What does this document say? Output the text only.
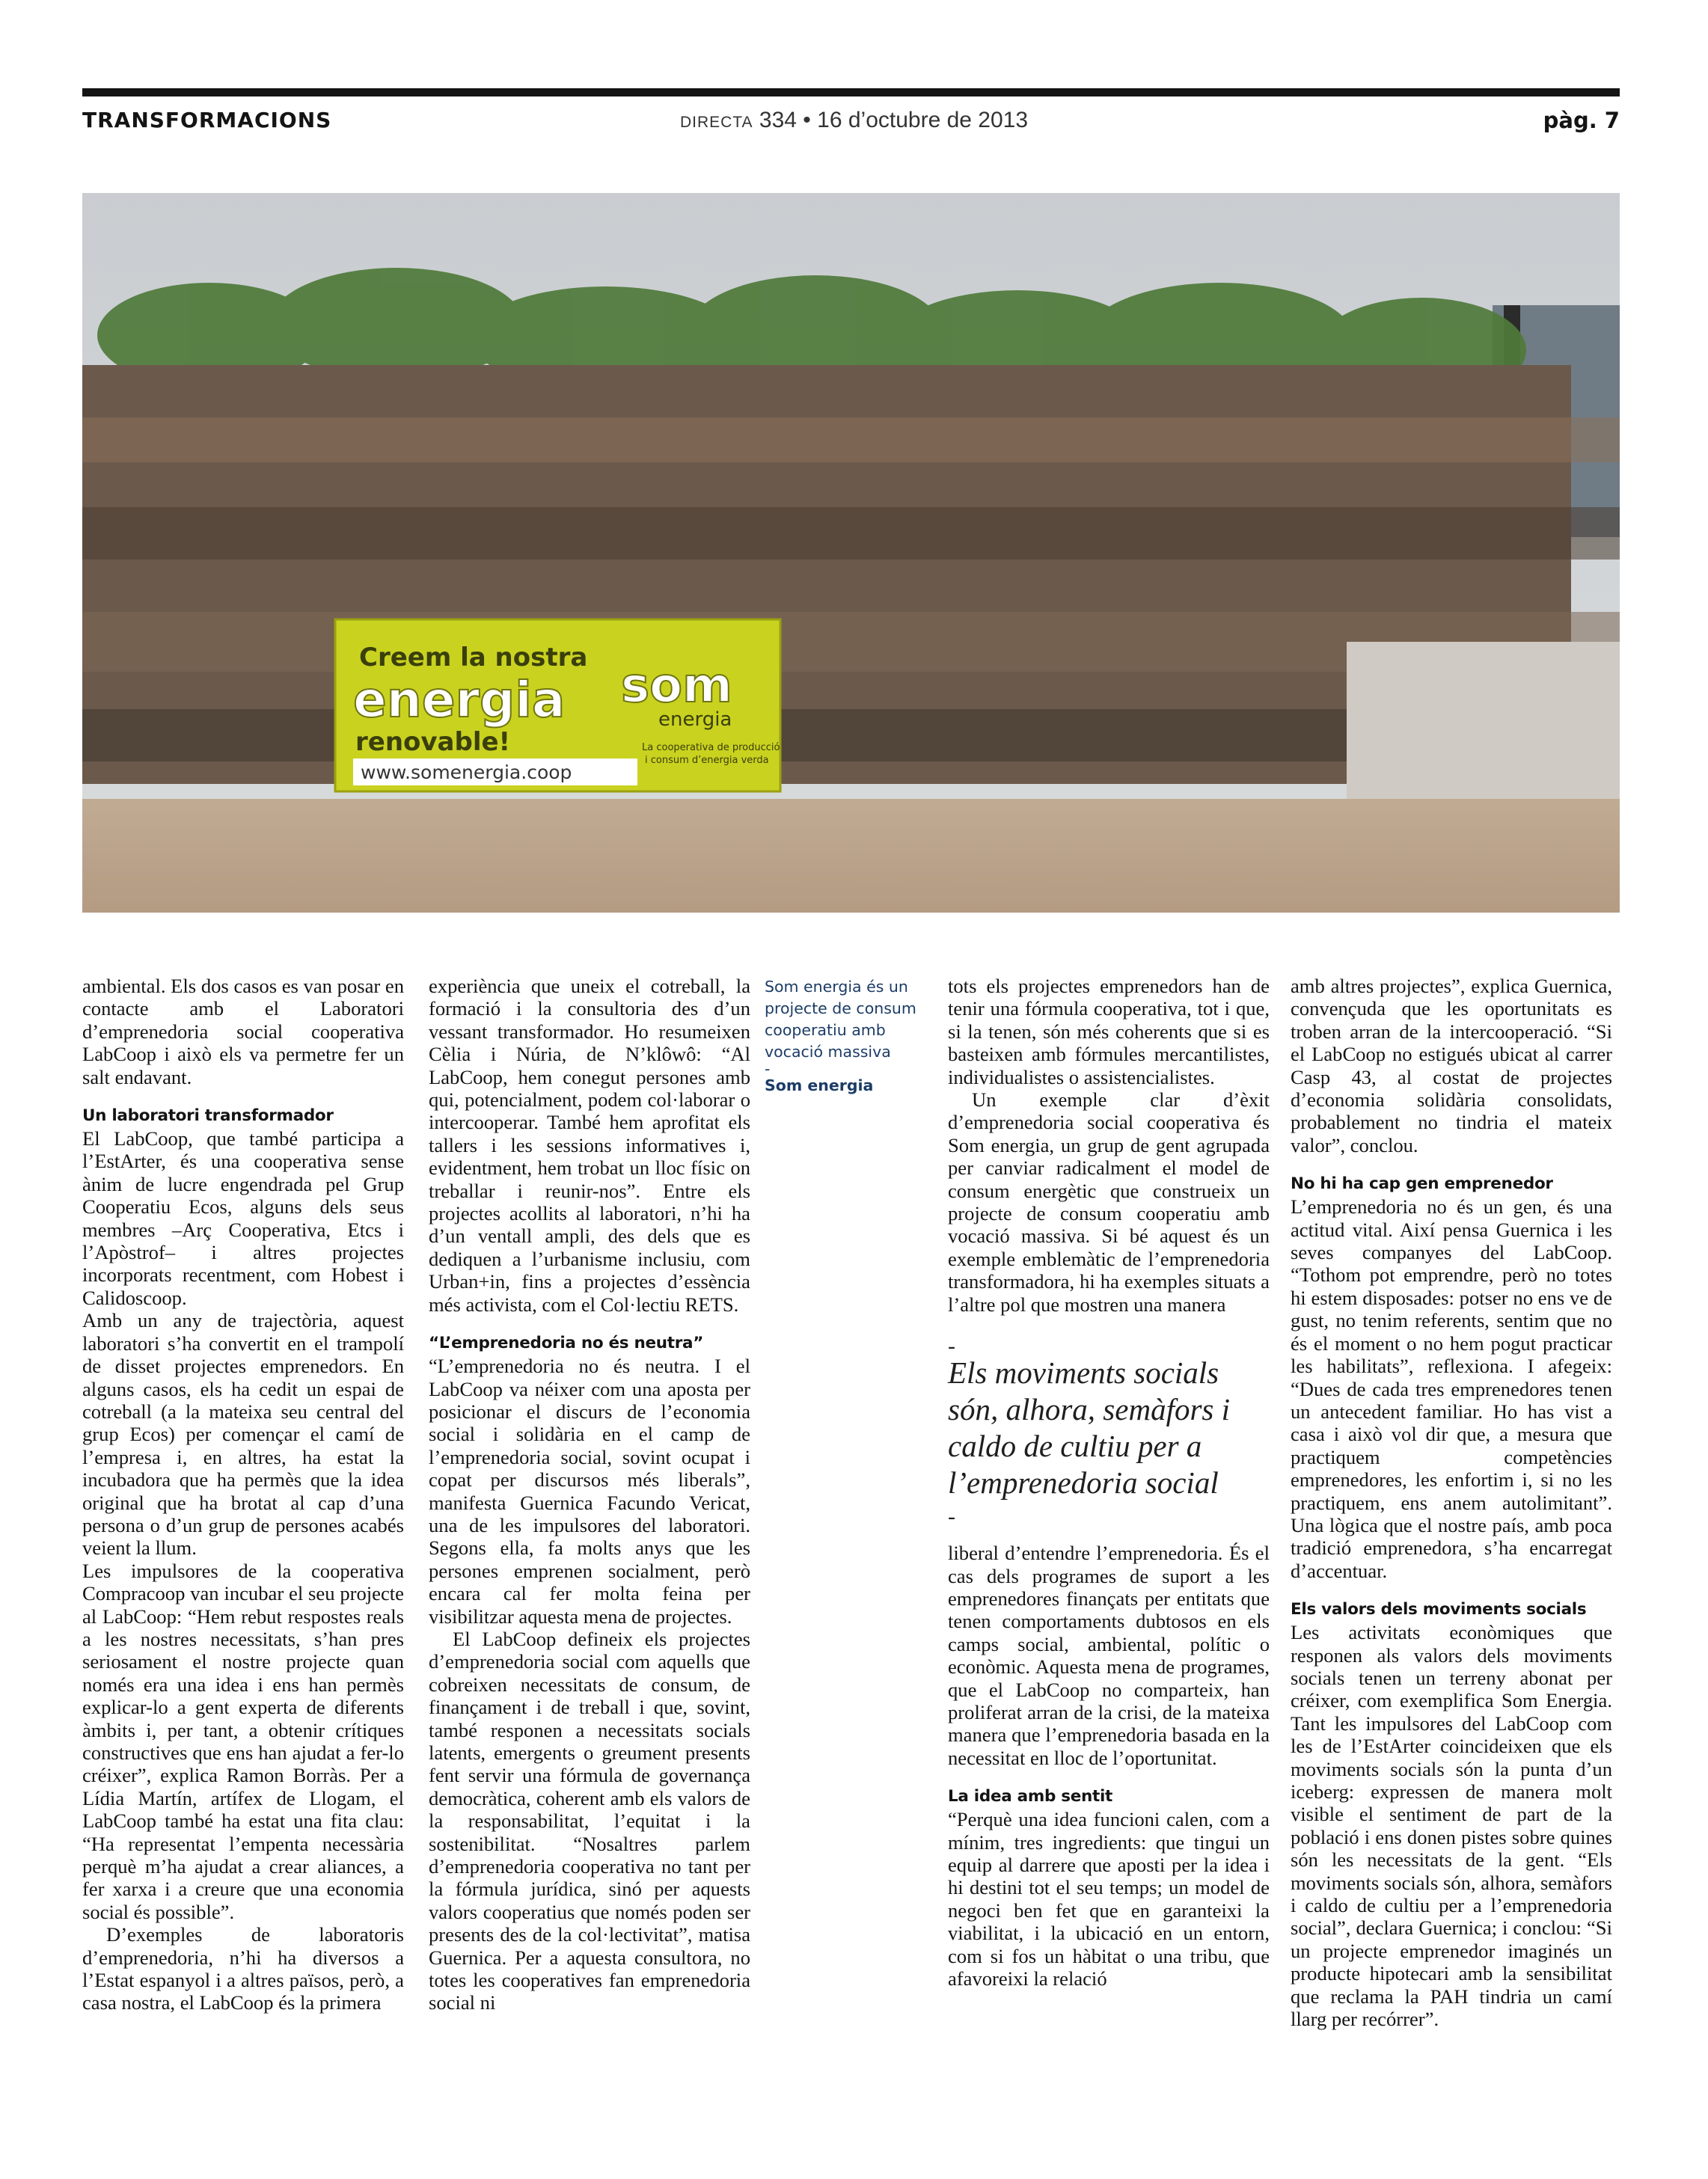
TRANSFORMACIONS	DIRECTA 334 • 16 d’octubre de 2013	pàg. 7
Creem la nostra
energia
renovable!
www.somenergia.coop
som
energia
La cooperativa de producció
i consum d’energia verda

ambiental. Els dos casos es van posar en contacte amb el Laboratori d’emprenedoria social cooperativa LabCoop i això els va permetre fer un salt endavant.

Un laboratori transformador

El LabCoop, que també participa a l’EstArter, és una cooperativa sense ànim de lucre engendrada pel Grup Cooperatiu Ecos, alguns dels seus membres –Arç Cooperativa, Etcs i l’Apòstrof– i altres projectes incorporats recentment, com Hobest i Calidoscoop.

Amb un any de trajectòria, aquest laboratori s’ha convertit en el trampolí de disset projectes emprenedors. En alguns casos, els ha cedit un espai de cotreball (a la mateixa seu central del grup Ecos) per començar el camí de l’empresa i, en altres, ha estat la incubadora que ha permès que la idea original que ha brotat al cap d’una persona o d’un grup de persones acabés veient la llum.

Les impulsores de la cooperativa Compracoop van incubar el seu projecte al LabCoop: “Hem rebut respostes reals a les nostres necessitats, s’han pres seriosament el nostre projecte quan només era una idea i ens han permès explicar-lo a gent experta de diferents àmbits i, per tant, a obtenir crítiques constructives que ens han ajudat a fer-lo créixer”, explica Ramon Borràs. Per a Lídia Martín, artífex de Llogam, el LabCoop també ha estat una fita clau: “Ha representat l’empenta necessària perquè m’ha ajudat a crear aliances, a fer xarxa i a creure que una economia social és possible”.

D’exemples de laboratoris d’emprenedoria, n’hi ha diversos a l’Estat espanyol i a altres països, però, a casa nostra, el LabCoop és la primera

experiència que uneix el cotreball, la formació i la consultoria des d’un vessant transformador. Ho resumeixen Cèlia i Núria, de N’klôwô: “Al LabCoop, hem conegut persones amb qui, potencialment, podem col·laborar o intercooperar. També hem aprofitat els tallers i les sessions informatives i, evidentment, hem trobat un lloc físic on treballar i reunir-nos”. Entre els projectes acollits al laboratori, n’hi ha d’un ventall ampli, des dels que es dediquen a l’urbanisme inclusiu, com Urban+in, fins a projectes d’essència més activista, com el Col·lectiu RETS.

“L’emprenedoria no és neutra”

“L’emprenedoria no és neutra. I el LabCoop va néixer com una aposta per posicionar el discurs de l’economia social i solidària en el camp de l’emprenedoria social, sovint ocupat i copat per discursos més liberals”, manifesta Guernica Facundo Vericat, una de les impulsores del laboratori. Segons ella, fa molts anys que les persones emprenen socialment, però encara cal fer molta feina per visibilitzar aquesta mena de projectes.

El LabCoop defineix els projectes d’emprenedoria social com aquells que cobreixen necessitats de consum, de finançament i de treball i que, sovint, també responen a necessitats socials latents, emergents o greument presents fent servir una fórmula de governança democràtica, coherent amb els valors de la responsabilitat, l’equitat i la sostenibilitat. “Nosaltres parlem d’emprenedoria cooperativa no tant per la fórmula jurídica, sinó per aquests valors cooperatius que només poden ser presents des de la col·lectivitat”, matisa Guernica. Per a aquesta consultora, no totes les cooperatives fan emprenedoria social ni

Som energia és un projecte de consum cooperatiu amb vocació massiva
-
Som energia

tots els projectes emprenedors han de tenir una fórmula cooperativa, tot i que, si la tenen, són més coherents que si es basteixen amb fórmules mercantilistes, individualistes o assistencialistes.

Un exemple clar d’èxit d’emprenedoria social cooperativa és Som energia, un grup de gent agrupada per canviar radicalment el model de consum energètic que construeix un projecte de consum cooperatiu amb vocació massiva. Si bé aquest és un exemple emblemàtic de l’emprenedoria transformadora, hi ha exemples situats a l’altre pol que mostren una manera

-
Els moviments socials són, alhora, semàfors i caldo de cultiu per a l’emprenedoria social
-

liberal d’entendre l’emprenedoria. És el cas dels programes de suport a les emprenedores finançats per entitats que tenen comportaments dubtosos en els camps social, ambiental, polític o econòmic. Aquesta mena de programes, que el LabCoop no comparteix, han proliferat arran de la crisi, de la mateixa manera que l’emprenedoria basada en la necessitat en lloc de l’oportunitat.

La idea amb sentit

“Perquè una idea funcioni calen, com a mínim, tres ingredients: que tingui un equip al darrere que aposti per la idea i hi destini tot el seu temps; un model de negoci ben fet que en garanteixi la viabilitat, i la ubicació en un entorn, com si fos un hàbitat o una tribu, que afavoreixi la relació

amb altres projectes”, explica Guernica, convençuda que les oportunitats es troben arran de la intercooperació. “Si el LabCoop no estigués ubicat al carrer Casp 43, al costat de projectes d’economia solidària consolidats, probablement no tindria el mateix valor”, conclou.

No hi ha cap gen emprenedor

L’emprenedoria no és un gen, és una actitud vital. Així pensa Guernica i les seves companyes del LabCoop. “Tothom pot emprendre, però no totes hi estem disposades: potser no ens ve de gust, no tenim referents, sentim que no és el moment o no hem pogut practicar les habilitats”, reflexiona. I afegeix: “Dues de cada tres emprenedores tenen un antecedent familiar. Ho has vist a casa i això vol dir que, a mesura que practiquem competències emprenedores, les enfortim i, si no les practiquem, ens anem autolimitant”. Una lògica que el nostre país, amb poca tradició emprenedora, s’ha encarregat d’accentuar.

Els valors dels moviments socials

Les activitats econòmiques que responen als valors dels moviments socials tenen un terreny abonat per créixer, com exemplifica Som Energia. Tant les impulsores del LabCoop com les de l’EstArter coincideixen que els moviments socials són la punta d’un iceberg: expressen de manera molt visible el sentiment de part de la població i ens donen pistes sobre quines són les necessitats de la gent. “Els moviments socials són, alhora, semàfors i caldo de cultiu per a l’emprenedoria social”, declara Guernica; i conclou: “Si un projecte emprenedor imaginés un producte hipotecari amb la sensibilitat que reclama la PAH tindria un camí llarg per recórrer”.
